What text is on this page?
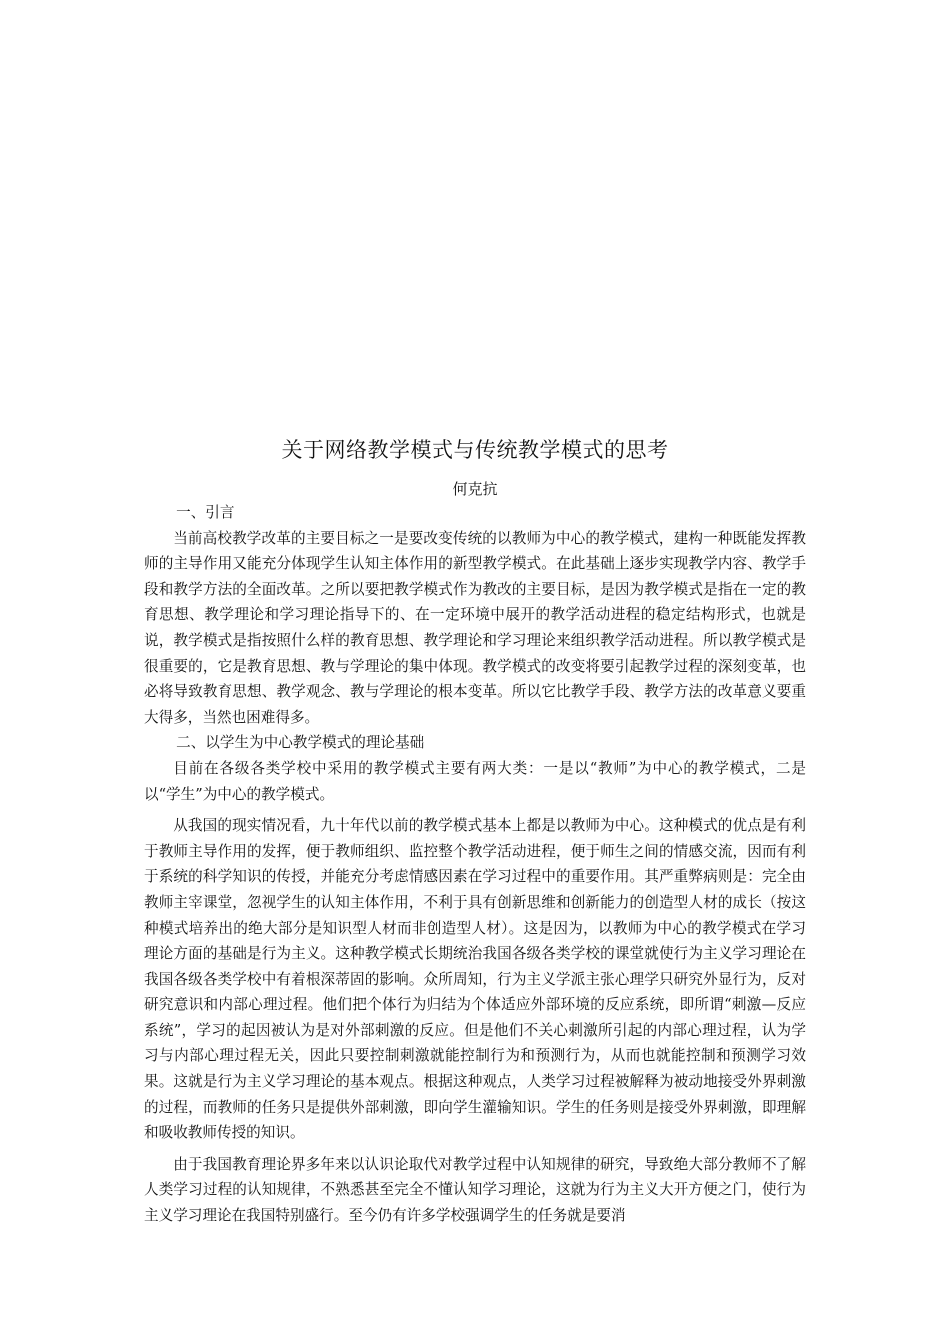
关于网络教学模式与传统教学模式的思考
何克抗

一、引言

当前高校教学改革的主要目标之一是要改变传统的以教师为中心的教学模式，建构一种既能发挥教师的主导作用又能充分体现学生认知主体作用的新型教学模式。在此基础上逐步实现教学内容、教学手段和教学方法的全面改革。之所以要把教学模式作为教改的主要目标，是因为教学模式是指在一定的教育思想、教学理论和学习理论指导下的、在一定环境中展开的教学活动进程的稳定结构形式，也就是说，教学模式是指按照什么样的教育思想、教学理论和学习理论来组织教学活动进程。所以教学模式是很重要的，它是教育思想、教与学理论的集中体现。教学模式的改变将要引起教学过程的深刻变革，也必将导致教育思想、教学观念、教与学理论的根本变革。所以它比教学手段、教学方法的改革意义要重大得多，当然也困难得多。

二、以学生为中心教学模式的理论基础

目前在各级各类学校中采用的教学模式主要有两大类：一是以“教师”为中心的教学模式，二是以“学生”为中心的教学模式。

从我国的现实情况看，九十年代以前的教学模式基本上都是以教师为中心。这种模式的优点是有利于教师主导作用的发挥，便于教师组织、监控整个教学活动进程，便于师生之间的情感交流，因而有利于系统的科学知识的传授，并能充分考虑情感因素在学习过程中的重要作用。其严重弊病则是：完全由教师主宰课堂，忽视学生的认知主体作用，不利于具有创新思维和创新能力的创造型人材的成长（按这种模式培养出的绝大部分是知识型人材而非创造型人材）。这是因为，以教师为中心的教学模式在学习理论方面的基础是行为主义。这种教学模式长期统治我国各级各类学校的课堂就使行为主义学习理论在我国各级各类学校中有着根深蒂固的影响。众所周知，行为主义学派主张心理学只研究外显行为，反对研究意识和内部心理过程。他们把个体行为归结为个体适应外部环境的反应系统，即所谓“刺激—反应系统”，学习的起因被认为是对外部刺激的反应。但是他们不关心刺激所引起的内部心理过程，认为学习与内部心理过程无关，因此只要控制刺激就能控制行为和预测行为，从而也就能控制和预测学习效果。这就是行为主义学习理论的基本观点。根据这种观点，人类学习过程被解释为被动地接受外界刺激的过程，而教师的任务只是提供外部刺激，即向学生灌输知识。学生的任务则是接受外界刺激，即理解和吸收教师传授的知识。

由于我国教育理论界多年来以认识论取代对教学过程中认知规律的研究，导致绝大部分教师不了解人类学习过程的认知规律，不熟悉甚至完全不懂认知学习理论，这就为行为主义大开方便之门，使行为主义学习理论在我国特别盛行。至今仍有许多学校强调学生的任务就是要消
